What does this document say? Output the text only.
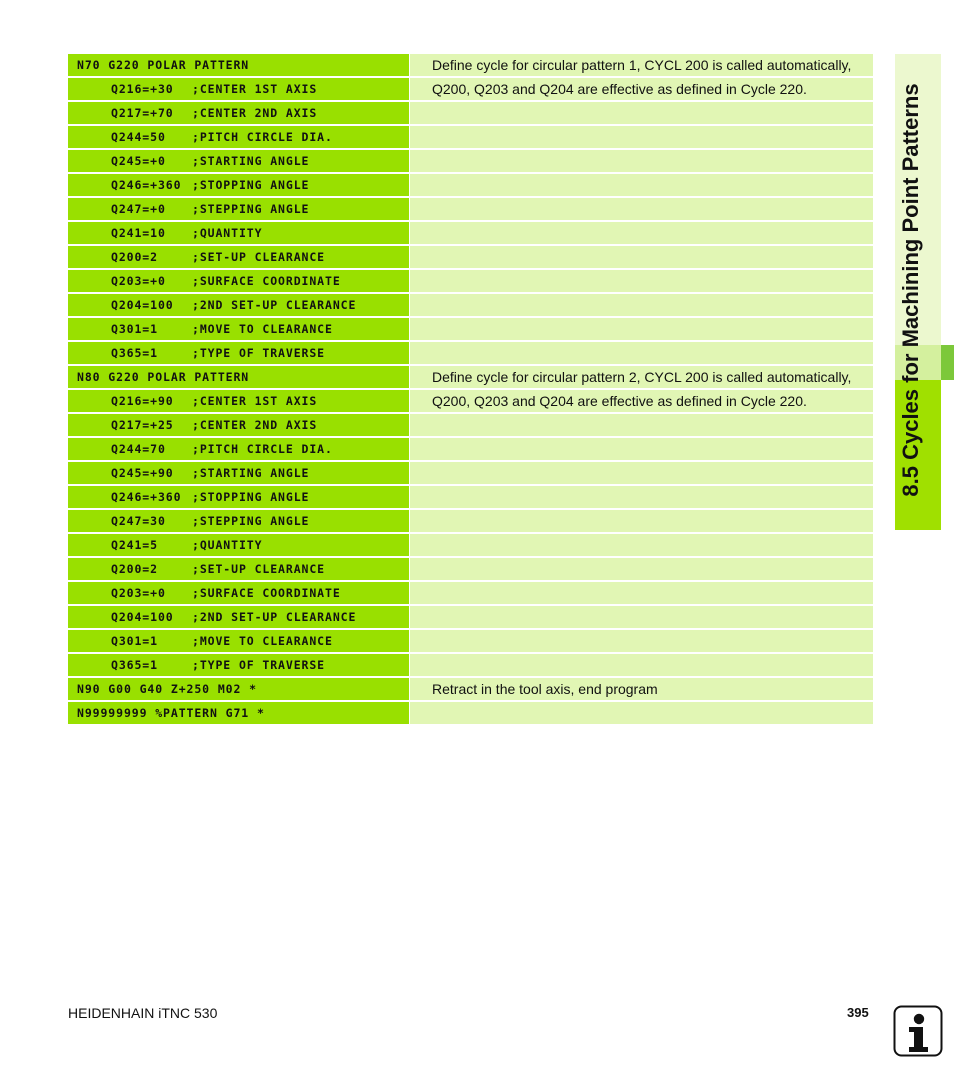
8.5 Cycles for Machining Point Patterns
N70 G220 POLAR PATTERN	Define cycle for circular pattern 1, CYCL 200 is called automatically,
Q216=+30 ;CENTER 1ST AXIS	Q200, Q203 and Q204 are effective as defined in Cycle 220.
Q217=+70 ;CENTER 2ND AXIS
Q244=50 ;PITCH CIRCLE DIA.
Q245=+0 ;STARTING ANGLE
Q246=+360 ;STOPPING ANGLE
Q247=+0 ;STEPPING ANGLE
Q241=10 ;QUANTITY
Q200=2	;SET-UP CLEARANCE
Q203=+0 ;SURFACE COORDINATE
Q204=100 ;2ND SET-UP CLEARANCE
Q301=1	;MOVE TO CLEARANCE
Q365=1	;TYPE OF TRAVERSE
N80 G220 POLAR PATTERN	Define cycle for circular pattern 2, CYCL 200 is called automatically,
Q216=+90 ;CENTER 1ST AXIS	Q200, Q203 and Q204 are effective as defined in Cycle 220.
Q217=+25 ;CENTER 2ND AXIS
Q244=70 ;PITCH CIRCLE DIA.
Q245=+90 ;STARTING ANGLE
Q246=+360 ;STOPPING ANGLE
Q247=30 ;STEPPING ANGLE
Q241=5	;QUANTITY
Q200=2	;SET-UP CLEARANCE
Q203=+0 ;SURFACE COORDINATE
Q204=100 ;2ND SET-UP CLEARANCE
Q301=1	;MOVE TO CLEARANCE
Q365=1	;TYPE OF TRAVERSE
N90 G00 G40 Z+250 M02 *	Retract in the tool axis, end program
N99999999 %PATTERN G71 *
HEIDENHAIN iTNC 530	395
